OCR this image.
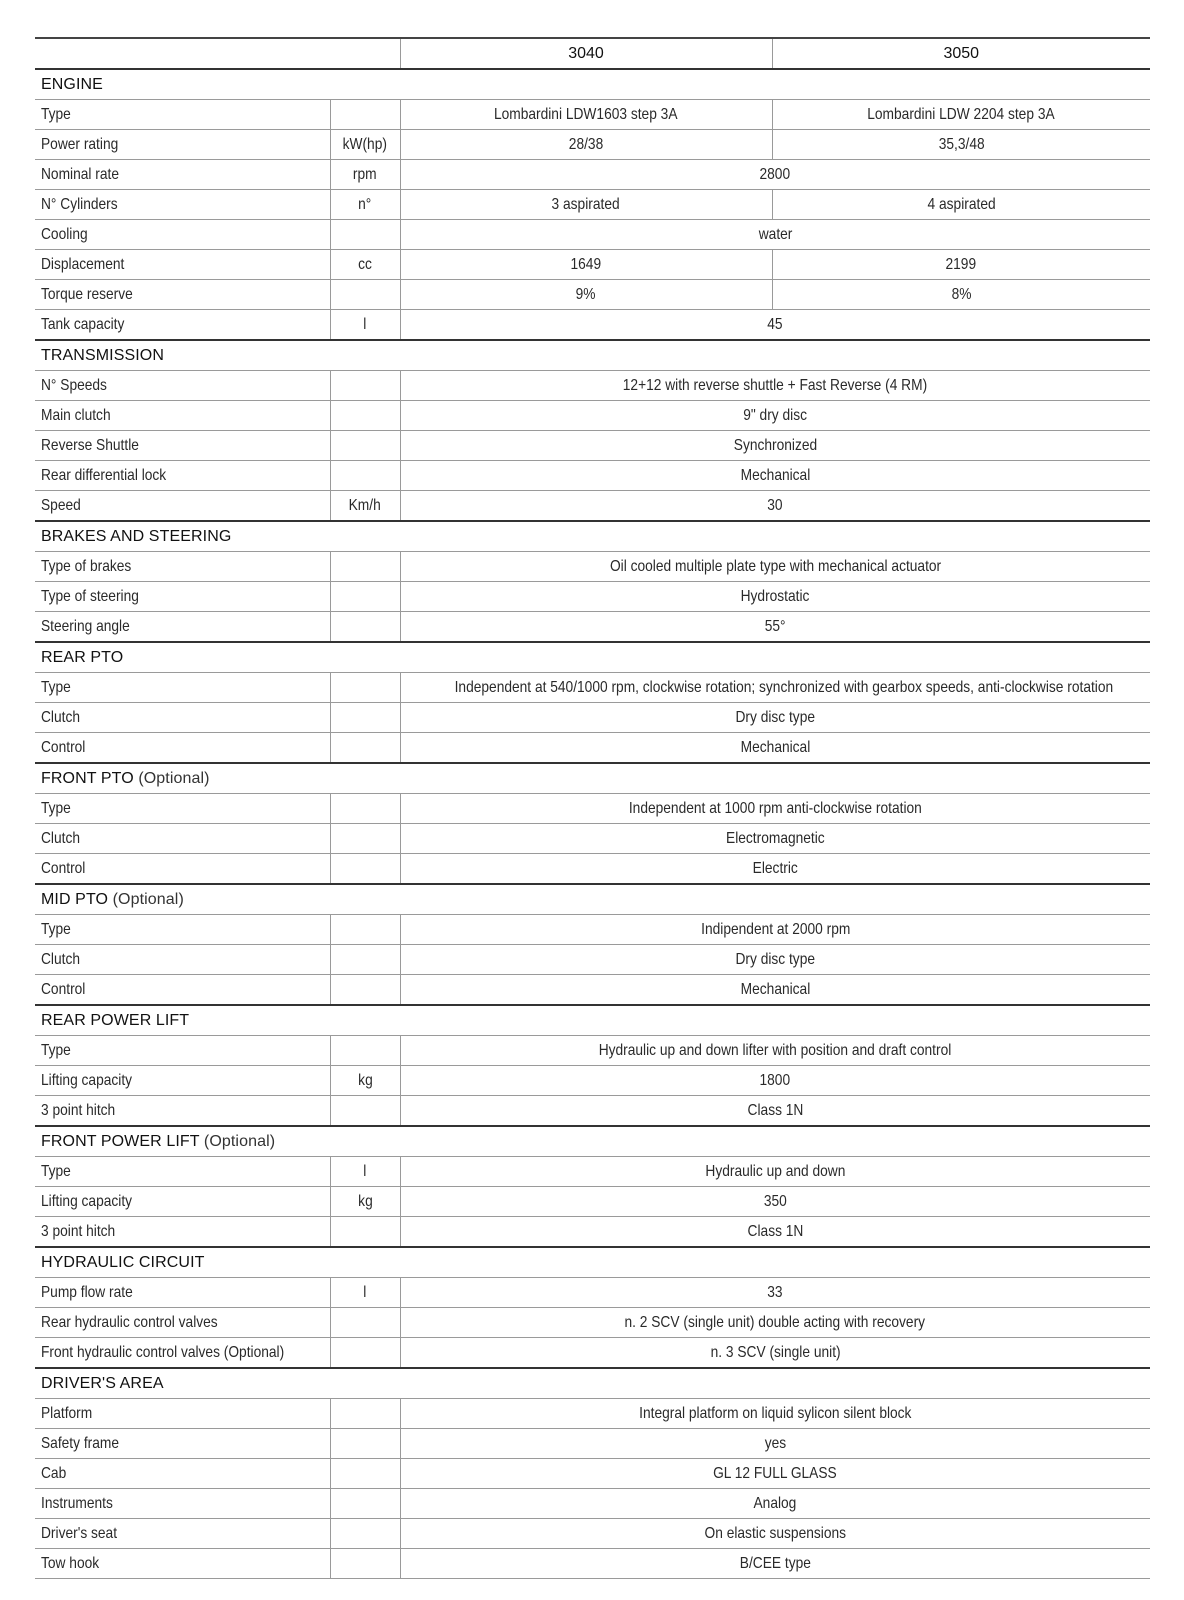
		3040	3050
ENGINE			
Type		Lombardini LDW1603 step 3A	Lombardini LDW 2204 step 3A
Power rating	kW(hp)	28/38	35,3/48
Nominal rate	rpm	2800	
N° Cylinders	n°	3 aspirated	4 aspirated
Cooling		water	
Displacement	cc	1649	2199
Torque reserve		9%	8%
Tank capacity	l	45	
TRANSMISSION			
N° Speeds		12+12 with reverse shuttle + Fast Reverse (4 RM)	
Main clutch		9" dry disc	
Reverse Shuttle		Synchronized	
Rear differential lock		Mechanical	
Speed	Km/h	30	
BRAKES AND STEERING			
Type of brakes		Oil cooled multiple plate type with mechanical actuator	
Type of steering		Hydrostatic	
Steering angle		55°	
REAR PTO			
Type		Independent at 540/1000 rpm, clockwise rotation; synchronized with gearbox speeds, anti-clockwise rotation	
Clutch		Dry disc type	
Control		Mechanical	
FRONT PTO (Optional)			
Type		Independent at 1000 rpm anti-clockwise rotation	
Clutch		Electromagnetic	
Control		Electric	
MID PTO (Optional)			
Type		Indipendent at 2000 rpm	
Clutch		Dry disc type	
Control		Mechanical	
REAR POWER LIFT			
Type		Hydraulic up and down lifter with position and draft control	
Lifting capacity	kg	1800	
3 point hitch		Class 1N	
FRONT POWER LIFT (Optional)			
Type	l	Hydraulic up and down	
Lifting capacity	kg	350	
3 point hitch		Class 1N	
HYDRAULIC CIRCUIT			
Pump flow rate	l	33	
Rear hydraulic control valves		n. 2 SCV (single unit) double acting with recovery	
Front hydraulic control valves (Optional)		n. 3 SCV (single unit)	
DRIVER'S AREA			
Platform		Integral platform on liquid sylicon silent block	
Safety frame		yes	
Cab		GL 12 FULL GLASS	
Instruments		Analog	
Driver's seat		On elastic suspensions	
Tow hook		B/CEE type	
